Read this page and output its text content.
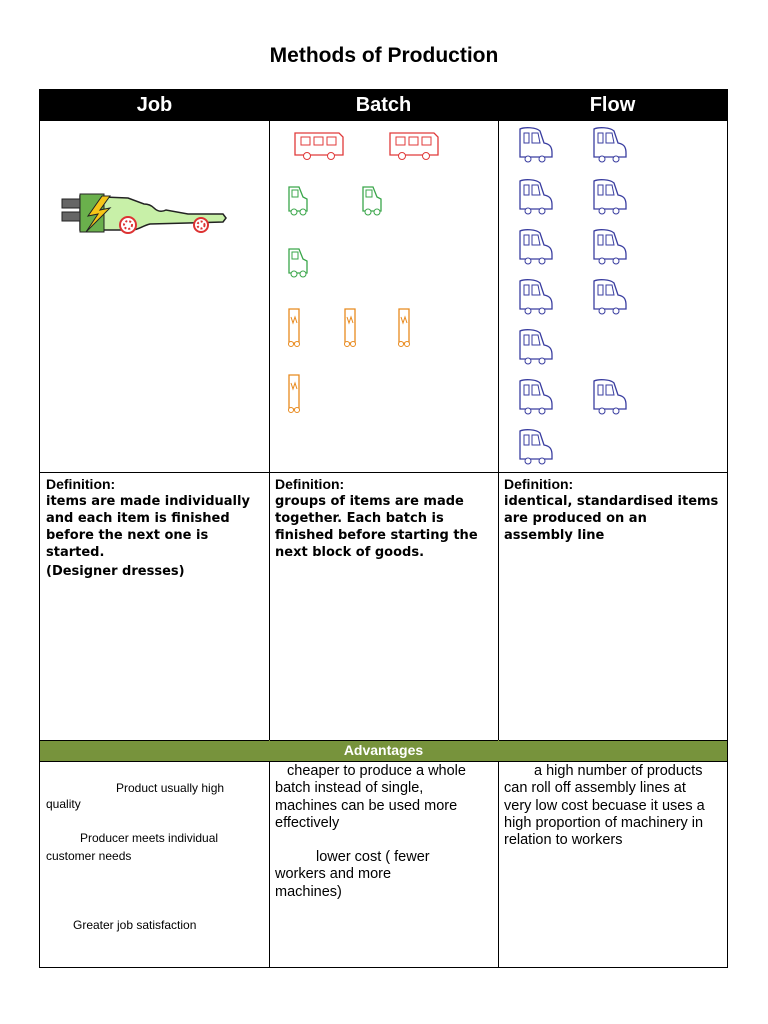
Methods of Production
Job	Batch	Flow
Advantages

Definition:

items are made individually

and each item is finished

before the next one is

started.

(Designer dresses)

Definition:

groups of items are made

together. Each batch is

finished before starting the

next block of goods.

Definition:

identical, standardised items

are produced on an

assembly line

Product usually high
quality
Producer meets individual
customer needs
Greater job satisfaction
cheaper to produce a whole
batch instead of single,
machines can be used more
effectively
lower cost ( fewer
workers and more
machines)
a high number of products
can roll off assembly lines at
very low cost becuase it uses a
high proportion of machinery in
relation to workers
